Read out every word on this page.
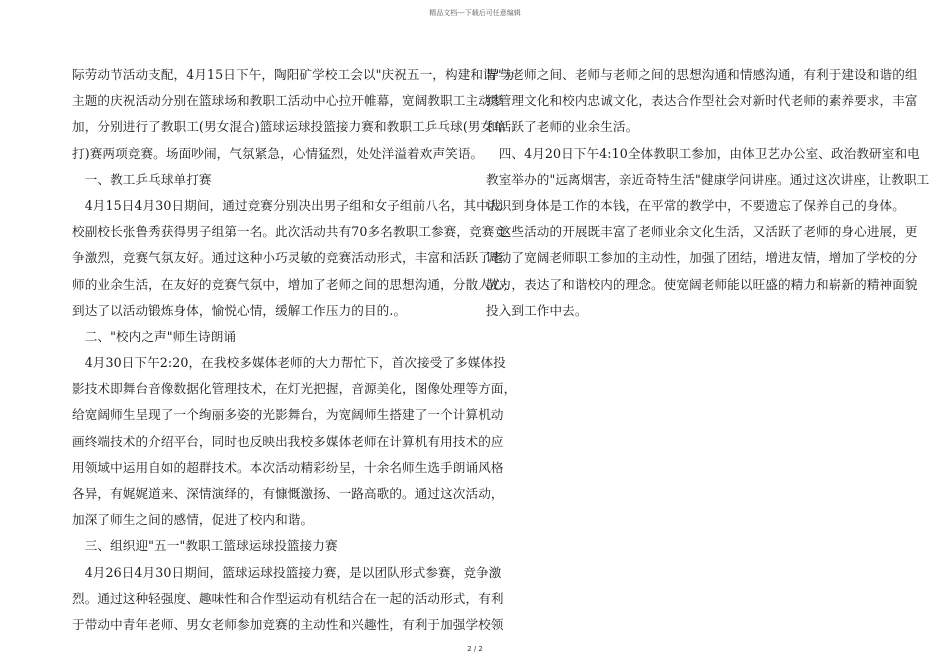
精品文档---下载后可任意编辑
际劳动节活动支配，4月15日下午，陶阳矿学校工会以"庆祝五一，构建和谐"为
主题的庆祝活动分别在篮球场和教职工活动中心拉开帷幕，宽阔教职工主动参
加，分别进行了教职工(男女混合)篮球运球投篮接力赛和教职工乒乓球(男女单
打)赛两项竞赛。场面吵闹，气氛紧急，心情猛烈，处处洋溢着欢声笑语。
　一、教工乒乓球单打赛
　4月15日4月30日期间，通过竞赛分别决出男子组和女子组前八名，其中我
校副校长张鲁秀获得男子组第一名。此次活动共有70多名教职工参赛，竞赛竞
争激烈，竞赛气氛友好。通过这种小巧灵敏的竞赛活动形式，丰富和活跃了老
师的业余生活，在友好的竞赛气氛中，增加了老师之间的思想沟通，分散人心;
到达了以活动锻炼身体，愉悦心情，缓解工作压力的目的.。
　二、"校内之声"师生诗朗诵
　4月30日下午2:20，在我校多媒体老师的大力帮忙下，首次接受了多媒体投
影技术即舞台音像数据化管理技术，在灯光把握，音源美化，图像处理等方面，
给宽阔师生呈现了一个绚丽多姿的光影舞台，为宽阔师生搭建了一个计算机动
画终端技术的介绍平台，同时也反映出我校多媒体老师在计算机有用技术的应
用领域中运用自如的超群技术。本次活动精彩纷呈，十余名师生选手朗诵风格
各异，有娓娓道来、深情演绎的，有慷慨激扬、一路高歌的。通过这次活动，
加深了师生之间的感情，促进了校内和谐。
　三、组织迎"五一"教职工篮球运球投篮接力赛
　4月26日4月30日期间，篮球运球投篮接力赛，是以团队形式参赛，竞争激
烈。通过这种轻强度、趣味性和合作型运动有机结合在一起的活动形式，有利
于带动中青年老师、男女老师参加竞赛的主动性和兴趣性，有利于加强学校领
导与老师之间、老师与老师之间的思想沟通和情感沟通，有利于建设和谐的组
织管理文化和校内忠诚文化，表达合作型社会对新时代老师的素养要求，丰富
和活跃了老师的业余生活。
　四、4月20日下午4:10全体教职工参加，由体卫艺办公室、政治教研室和电
教室举办的"远离烟害，亲近奇特生活"健康学问讲座。通过这次讲座，让教职工
认识到身体是工作的本钱，在平常的教学中，不要遗忘了保养自己的身体。
　这些活动的开展既丰富了老师业余文化生活，又活跃了老师的身心进展，更
调动了宽阔老师职工参加的主动性，加强了团结，增进友情，增加了学校的分
散力，表达了和谐校内的理念。使宽阔老师能以旺盛的精力和崭新的精神面貌
投入到工作中去。
2 / 2
